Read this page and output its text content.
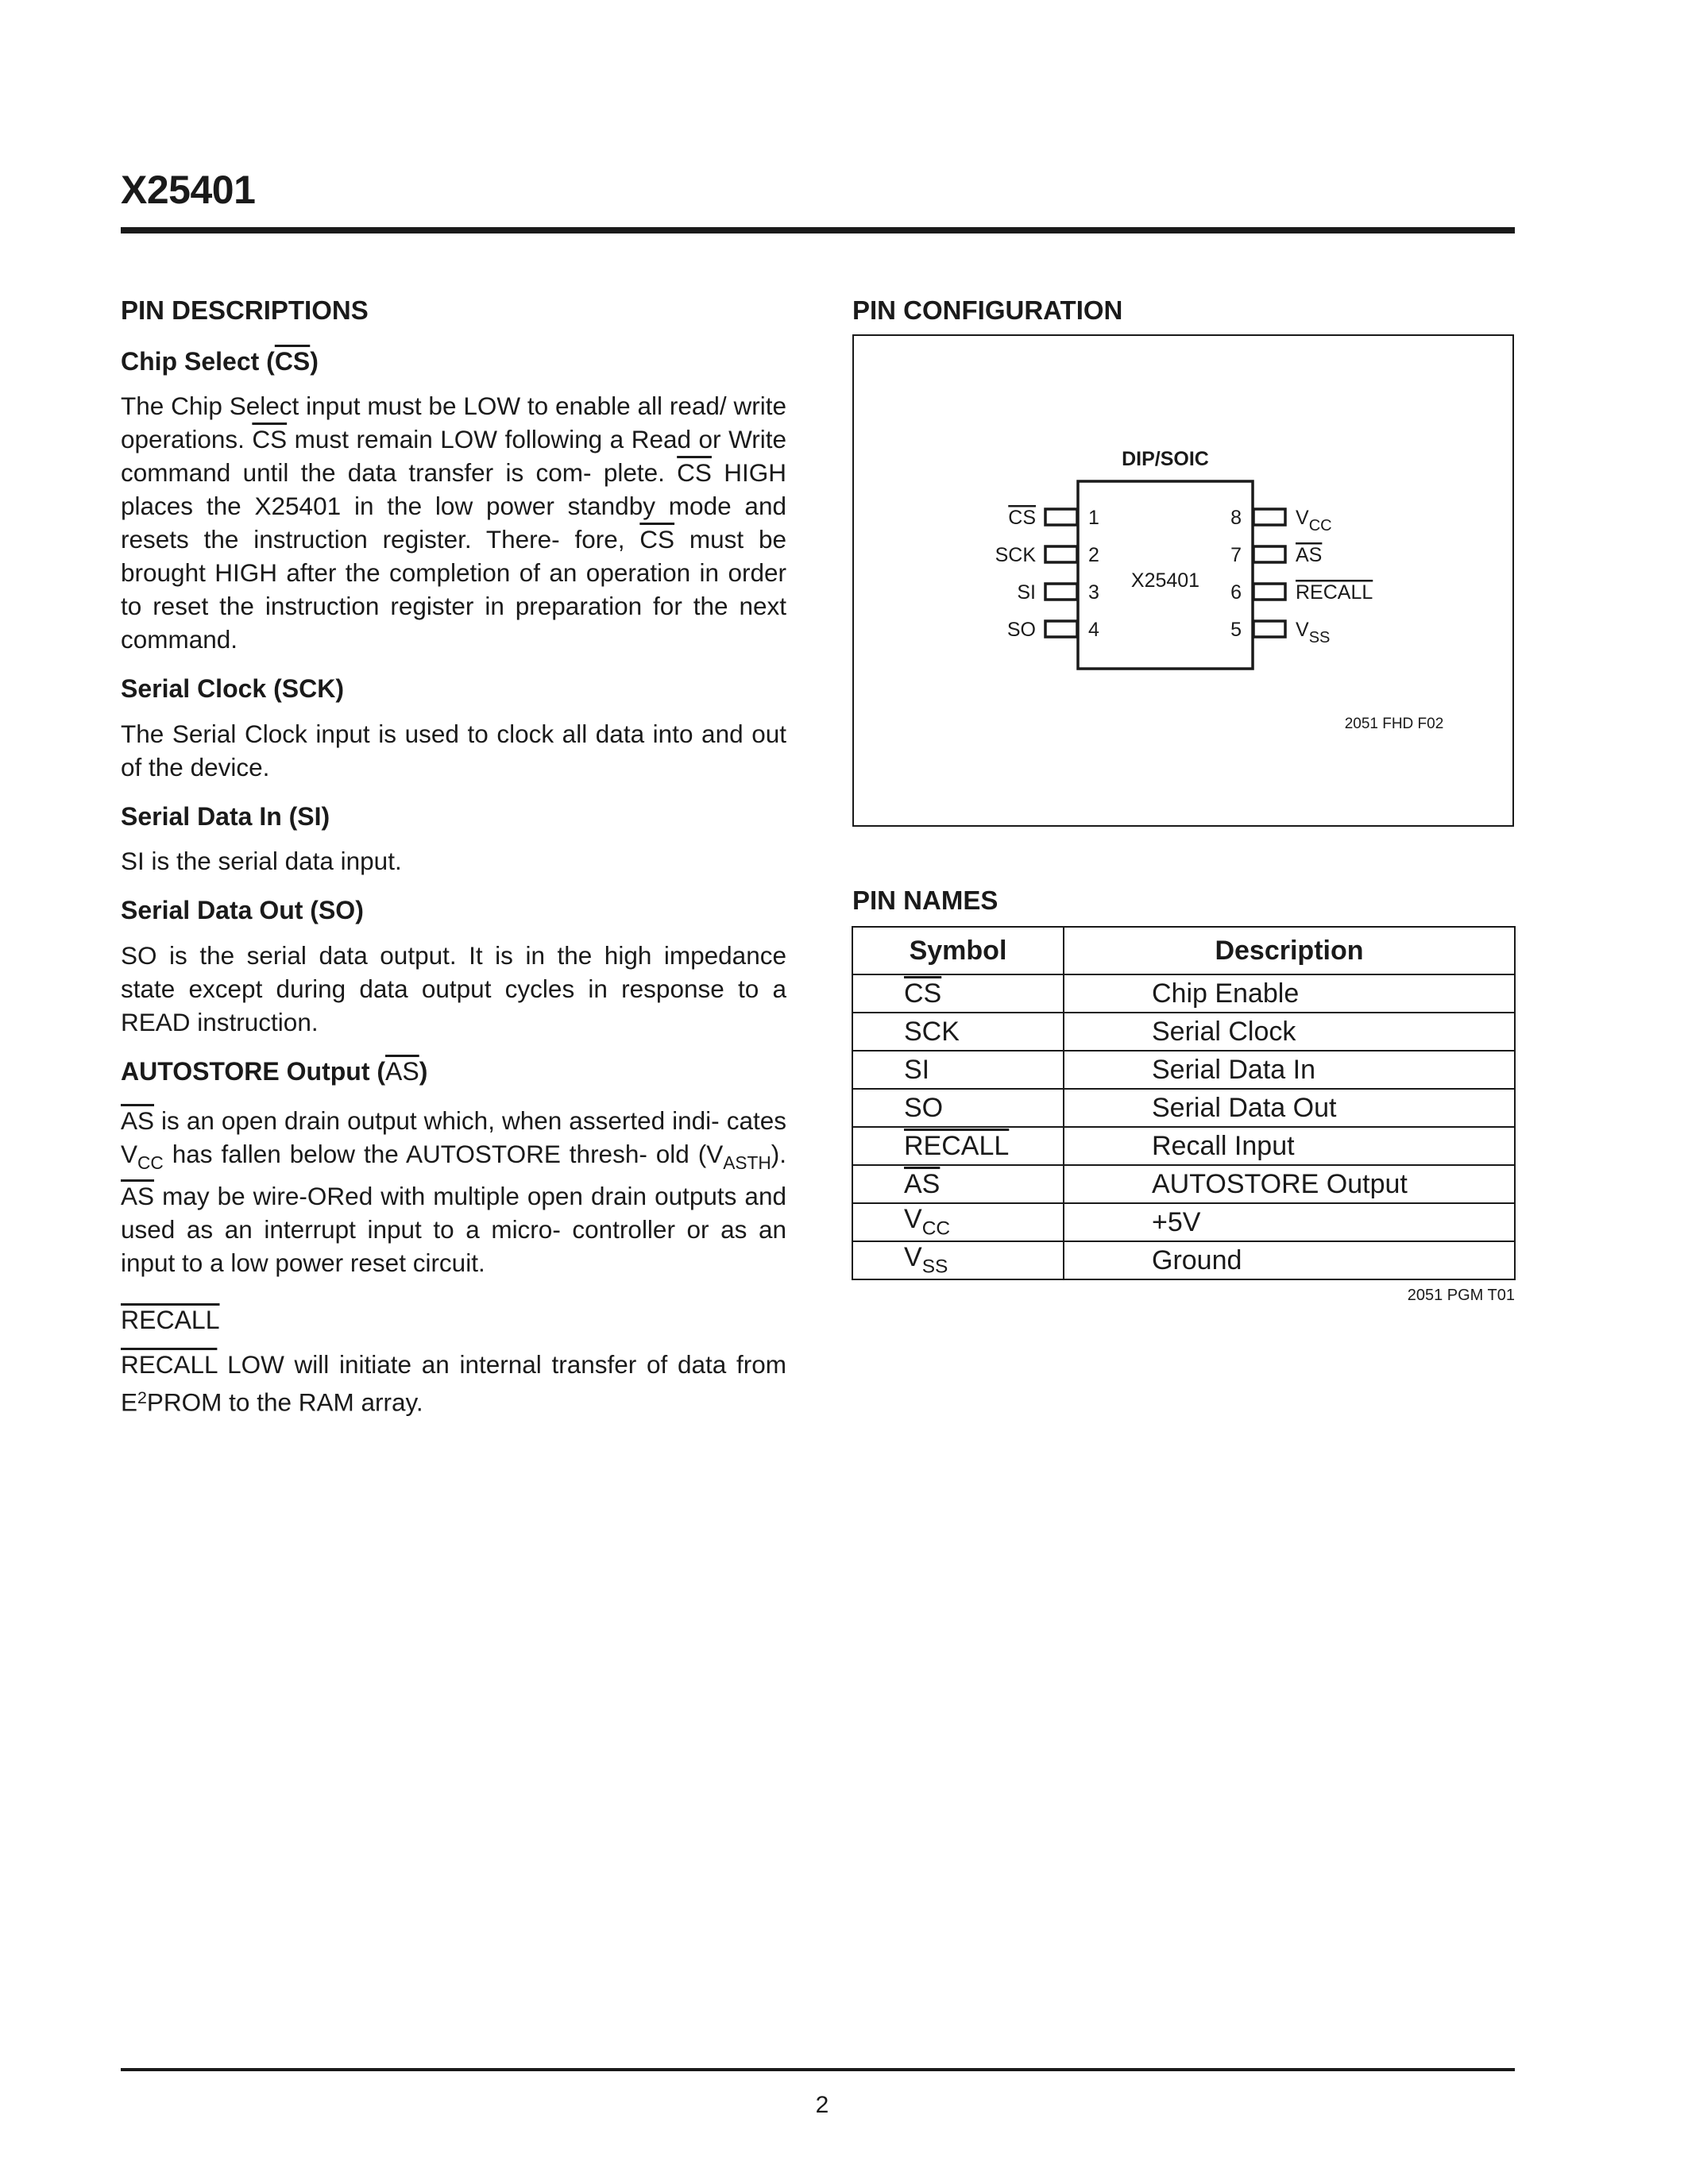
X25401
PIN DESCRIPTIONS
Chip Select $(\overline{CS})$

The Chip Select input must be LOW to enable all read/ write operations. $\overline{CS}$ must remain LOW following a Read or Write command until the data transfer is com- plete. $\overline{CS}$ HIGH places the X25401 in the low power standby mode and resets the instruction register. There- fore, $\overline{CS}$ must be brought HIGH after the completion of an operation in order to reset the instruction register in preparation for the next command.

Serial Clock (SCK)

The Serial Clock input is used to clock all data into and out of the device.

Serial Data In (SI)

SI is the serial data input.

Serial Data Out (SO)

SO is the serial data output. It is in the high impedance state except during data output cycles in response to a READ instruction.

AUTOSTORE Output $(\overline{AS})$

$\overline{AS}$ is an open drain output which, when asserted indi- cates $V_{CC}$ has fallen below the AUTOSTORE thresh- old $(V_{ASTH})$. $\overline{AS}$ may be wire-ORed with multiple open drain outputs and used as an interrupt input to a micro- controller or as an input to a low power reset circuit.

RECALL

RECALL LOW will initiate an internal transfer of data from $E^2PROM$ to the RAM array.

PIN CONFIGURATION
DIP/SOIC
X25401
1
CS
2
SCK
3
SI
4
SO
8	$V_{CC}$
7	AS
6	RECALL
5	$V_{SS}$
2051 FHD F02
PIN NAMES
Symbol	Description
$\overline{CS}$	Chip Enable
SCK	Serial Clock
SI	Serial Data In
SO	Serial Data Out
RECALL	Recall Input
$\overline{AS}$	AUTOSTORE Output
$V_{CC}$	+5V
$V_{SS}$	Ground
2051 PGM T01
2
